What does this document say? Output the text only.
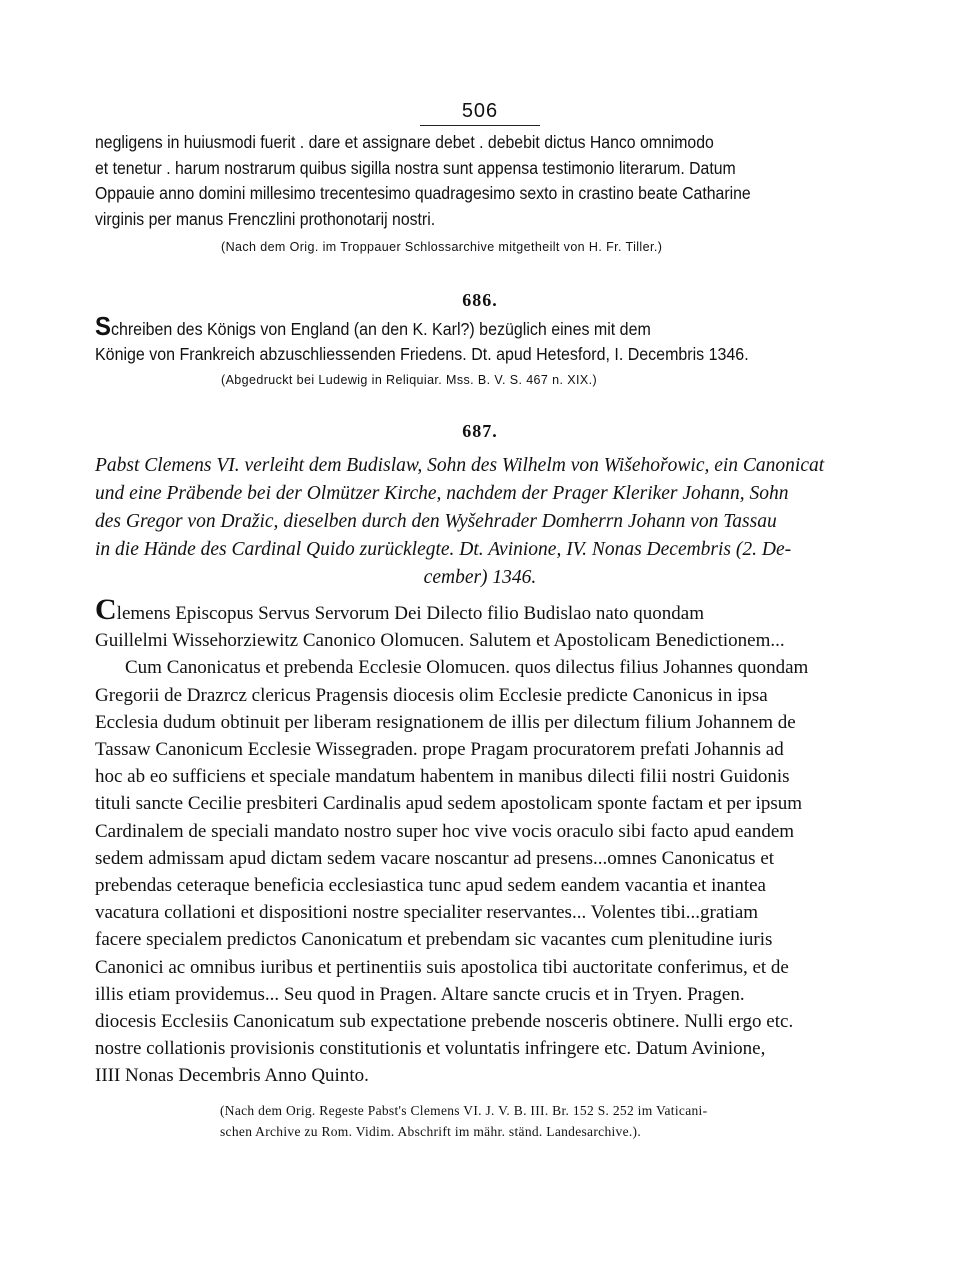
506
negligens in huiusmodi fuerit . dare et assignare debet . debebit dictus Hanco omnimodo
et tenetur . harum nostrarum quibus sigilla nostra sunt appensa testimonio literarum. Datum
Oppauie anno domini millesimo trecentesimo quadragesimo sexto in crastino beate Catharine
virginis per manus Frenczlini prothonotarij nostri.
(Nach dem Orig. im Troppauer Schlossarchive mitgetheilt von H. Fr. Tiller.)
686.
Schreiben des Königs von England (an den K. Karl?) bezüglich eines mit dem
Könige von Frankreich abzuschliessenden Friedens. Dt. apud Hetesford, I. Decembris 1346.
(Abgedruckt bei Ludewig in Reliquiar. Mss. B. V. S. 467 n. XIX.)
687.
Pabst Clemens VI. verleiht dem Budislaw, Sohn des Wilhelm von Wišehořowic, ein Canonicat
und eine Präbende bei der Olmützer Kirche, nachdem der Prager Kleriker Johann, Sohn
des Gregor von Dražic, dieselben durch den Wyšehrader Domherrn Johann von Tassau
in die Hände des Cardinal Quido zurücklegte. Dt. Avinione, IV. Nonas Decembris (2. De-
cember) 1346.

Clemens Episcopus Servus Servorum Dei Dilecto filio Budislao nato quondam

Guillelmi Wissehorziewitz Canonico Olomucen. Salutem et Apostolicam Benedictionem...

Cum Canonicatus et prebenda Ecclesie Olomucen. quos dilectus filius Johannes quondam

Gregorii de Drazrcz clericus Pragensis diocesis olim Ecclesie predicte Canonicus in ipsa

Ecclesia dudum obtinuit per liberam resignationem de illis per dilectum filium Johannem de

Tassaw Canonicum Ecclesie Wissegraden. prope Pragam procuratorem prefati Johannis ad

hoc ab eo sufficiens et speciale mandatum habentem in manibus dilecti filii nostri Guidonis

tituli sancte Cecilie presbiteri Cardinalis apud sedem apostolicam sponte factam et per ipsum

Cardinalem de speciali mandato nostro super hoc vive vocis oraculo sibi facto apud eandem

sedem admissam apud dictam sedem vacare noscantur ad presens...omnes Canonicatus et

prebendas ceteraque beneficia ecclesiastica tunc apud sedem eandem vacantia et inantea

vacatura collationi et dispositioni nostre specialiter reservantes... Volentes tibi...gratiam

facere specialem predictos Canonicatum et prebendam sic vacantes cum plenitudine iuris

Canonici ac omnibus iuribus et pertinentiis suis apostolica tibi auctoritate conferimus, et de

illis etiam providemus... Seu quod in Pragen. Altare sancte crucis et in Tryen. Pragen.

diocesis Ecclesiis Canonicatum sub expectatione prebende nosceris obtinere. Nulli ergo etc.

nostre collationis provisionis constitutionis et voluntatis infringere etc. Datum Avinione,

IIII Nonas Decembris Anno Quinto.

(Nach dem Orig. Regeste Pabst's Clemens VI. J. V. B. III. Br. 152 S. 252 im Vaticani-
schen Archive zu Rom. Vidim. Abschrift im mähr. ständ. Landesarchive.).
